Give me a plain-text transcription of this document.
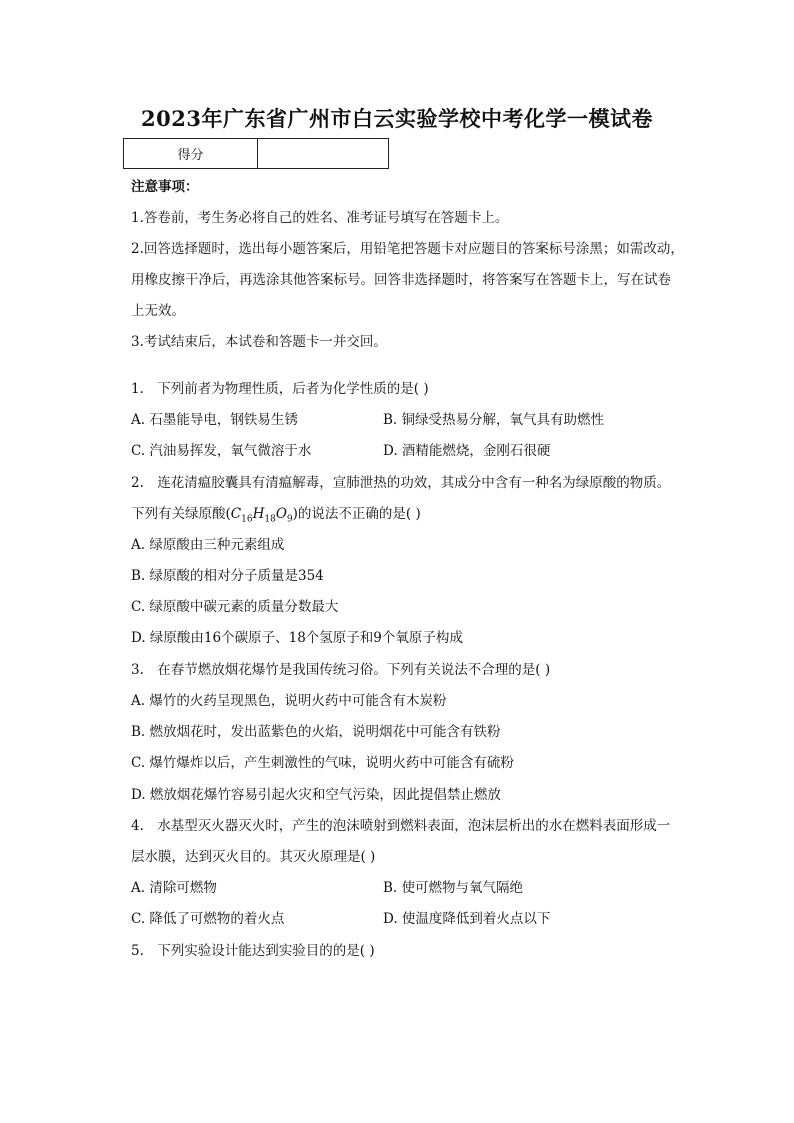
2023年广东省广州市白云实验学校中考化学一模试卷
得分
注意事项：
1.答卷前，考生务必将自己的姓名、准考证号填写在答题卡上。
2.回答选择题时，选出每小题答案后，用铅笔把答题卡对应题目的答案标号涂黑；如需改动，
用橡皮擦干净后，再选涂其他答案标号。回答非选择题时，将答案写在答题卡上，写在试卷
上无效。
3.考试结束后，本试卷和答题卡一并交回。
1. 下列前者为物理性质，后者为化学性质的是( )
A. 石墨能导电，钢铁易生锈	B. 铜绿受热易分解，氧气具有助燃性
C. 汽油易挥发，氧气微溶于水	D. 酒精能燃烧，金刚石很硬
2. 连花清瘟胶囊具有清瘟解毒，宣肺泄热的功效，其成分中含有一种名为绿原酸的物质。
下列有关绿原酸$(C_{16}H_{18}O_9)$的说法不正确的是( )
A. 绿原酸由三种元素组成
B. 绿原酸的相对分子质量是354
C. 绿原酸中碳元素的质量分数最大
D. 绿原酸由16个碳原子、18个氢原子和9个氧原子构成
3. 在春节燃放烟花爆竹是我国传统习俗。下列有关说法不合理的是( )
A. 爆竹的火药呈现黑色，说明火药中可能含有木炭粉
B. 燃放烟花时，发出蓝紫色的火焰，说明烟花中可能含有铁粉
C. 爆竹爆炸以后，产生刺激性的气味，说明火药中可能含有硫粉
D. 燃放烟花爆竹容易引起火灾和空气污染，因此提倡禁止燃放
4. 水基型灭火器灭火时，产生的泡沫喷射到燃料表面，泡沫层析出的水在燃料表面形成一
层水膜，达到灭火目的。其灭火原理是( )
A. 清除可燃物	B. 使可燃物与氧气隔绝
C. 降低了可燃物的着火点	D. 使温度降低到着火点以下
5. 下列实验设计能达到实验目的的是( )
